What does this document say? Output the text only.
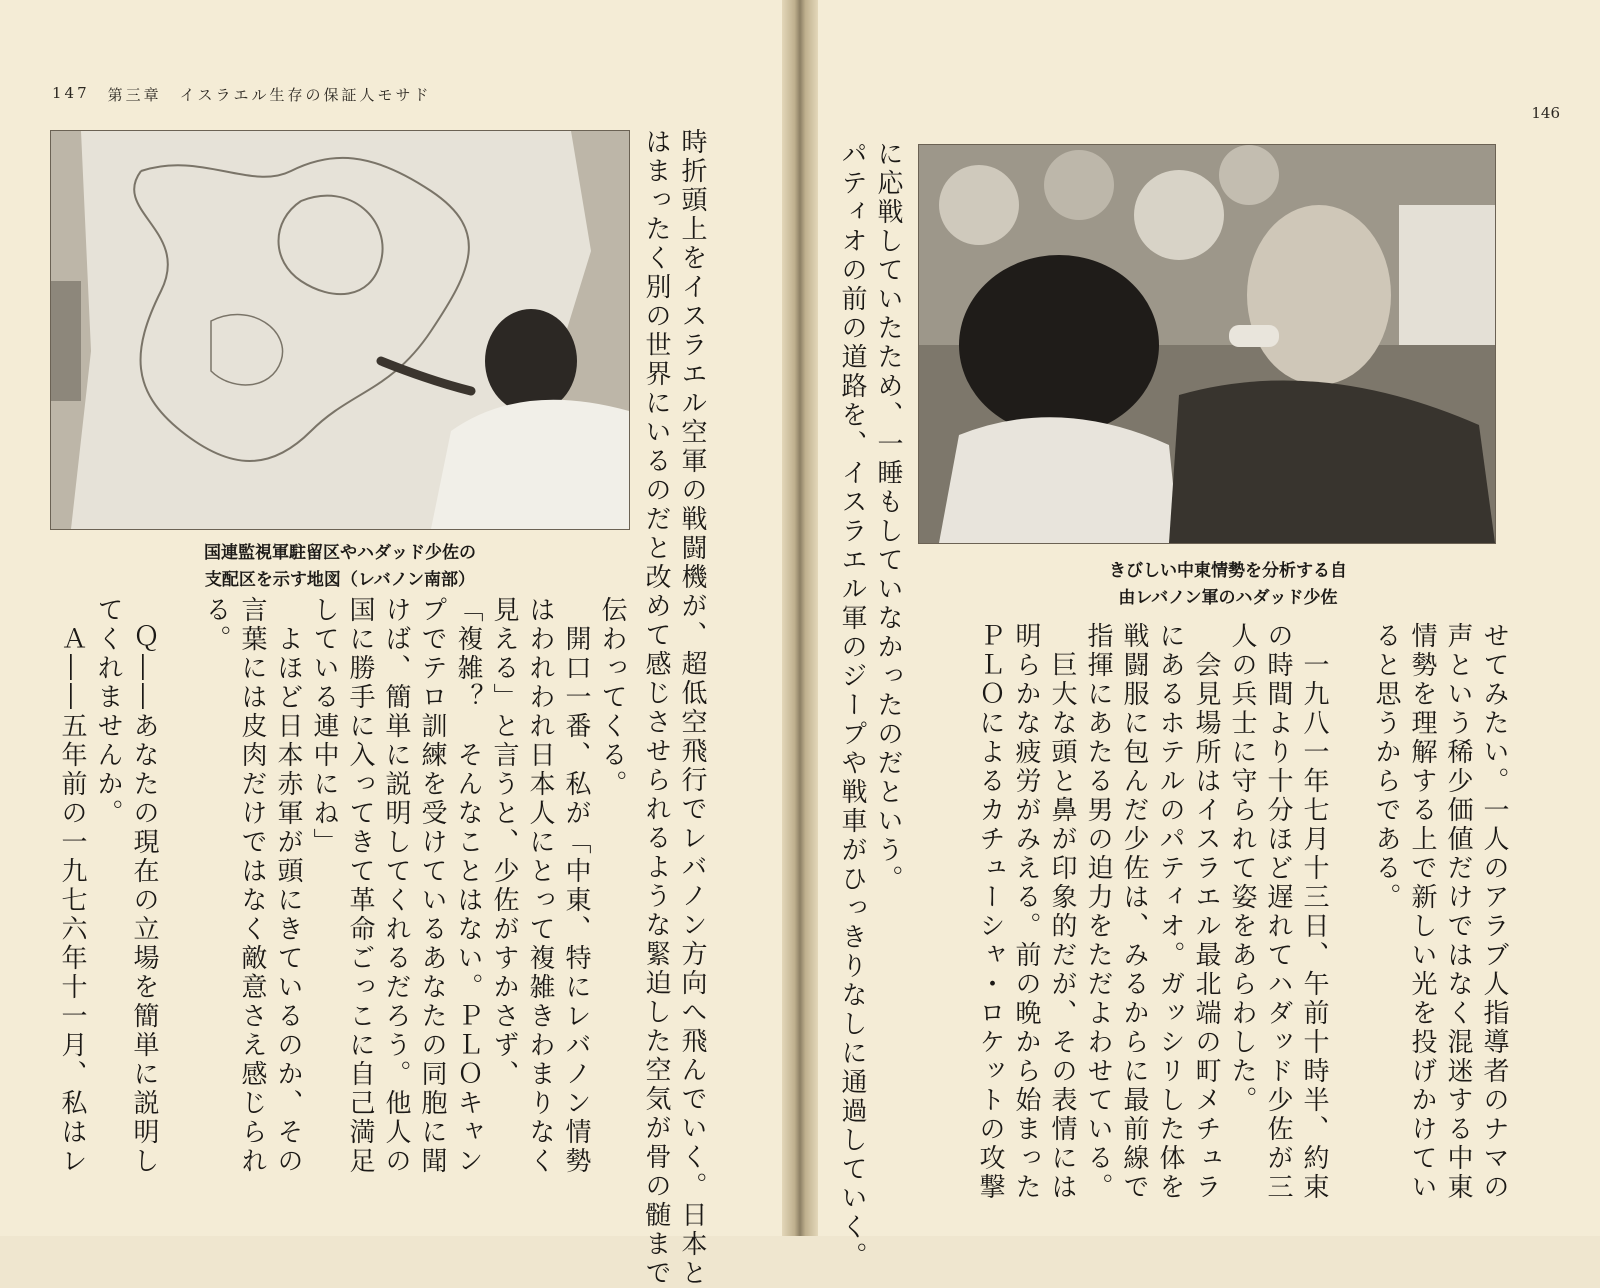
147 第三章 イスラエル生存の保証人モサド
国連監視軍駐留区やハダッド少佐の
支配区を示す地図（レバノン南部）	時折頭上をイスラエル空軍の戦闘機が、超低空飛行でレバノン方向へ飛んでいく。日本と
はまったく別の世界にいるのだと改めて感じさせられるような緊迫した空気が骨の髄まで
伝わってくる。
　開口一番、私が「中東、特にレバノン情勢
はわれわれ日本人にとって複雑きわまりなく
見える」と言うと、少佐がすかさず、
「複雑？　そんなことはない。ＰＬＯキャン
プでテロ訓練を受けているあなたの同胞に聞
けば、簡単に説明してくれるだろう。他人の
国に勝手に入ってきて革命ごっこに自己満足
している連中にね」
　よほど日本赤軍が頭にきているのか、その
言葉には皮肉だけではなく敵意さえ感じられ
る。

　Ｑ――あなたの現在の立場を簡単に説明し
てくれませんか。
　Ａ――五年前の一九七六年十一月、私はレ
146
きびしい中東情勢を分析する自
由レバノン軍のハダッド少佐
に応戦していたため、一睡もしていなかったのだという。
パティオの前の道路を、イスラエル軍のジープや戦車がひっきりなしに通過していく。	せてみたい。一人のアラブ人指導者のナマの
声という稀少価値だけではなく混迷する中東
情勢を理解する上で新しい光を投げかけてい
ると思うからである。

　一九八一年七月十三日、午前十時半、約束
の時間より十分ほど遅れてハダッド少佐が三
人の兵士に守られて姿をあらわした。
　会見場所はイスラエル最北端の町メチュラ
にあるホテルのパティオ。ガッシリした体を
戦闘服に包んだ少佐は、みるからに最前線で
指揮にあたる男の迫力をただよわせている。
　巨大な頭と鼻が印象的だが、その表情には
明らかな疲労がみえる。前の晩から始まった
ＰＬＯによるカチューシャ・ロケットの攻撃
